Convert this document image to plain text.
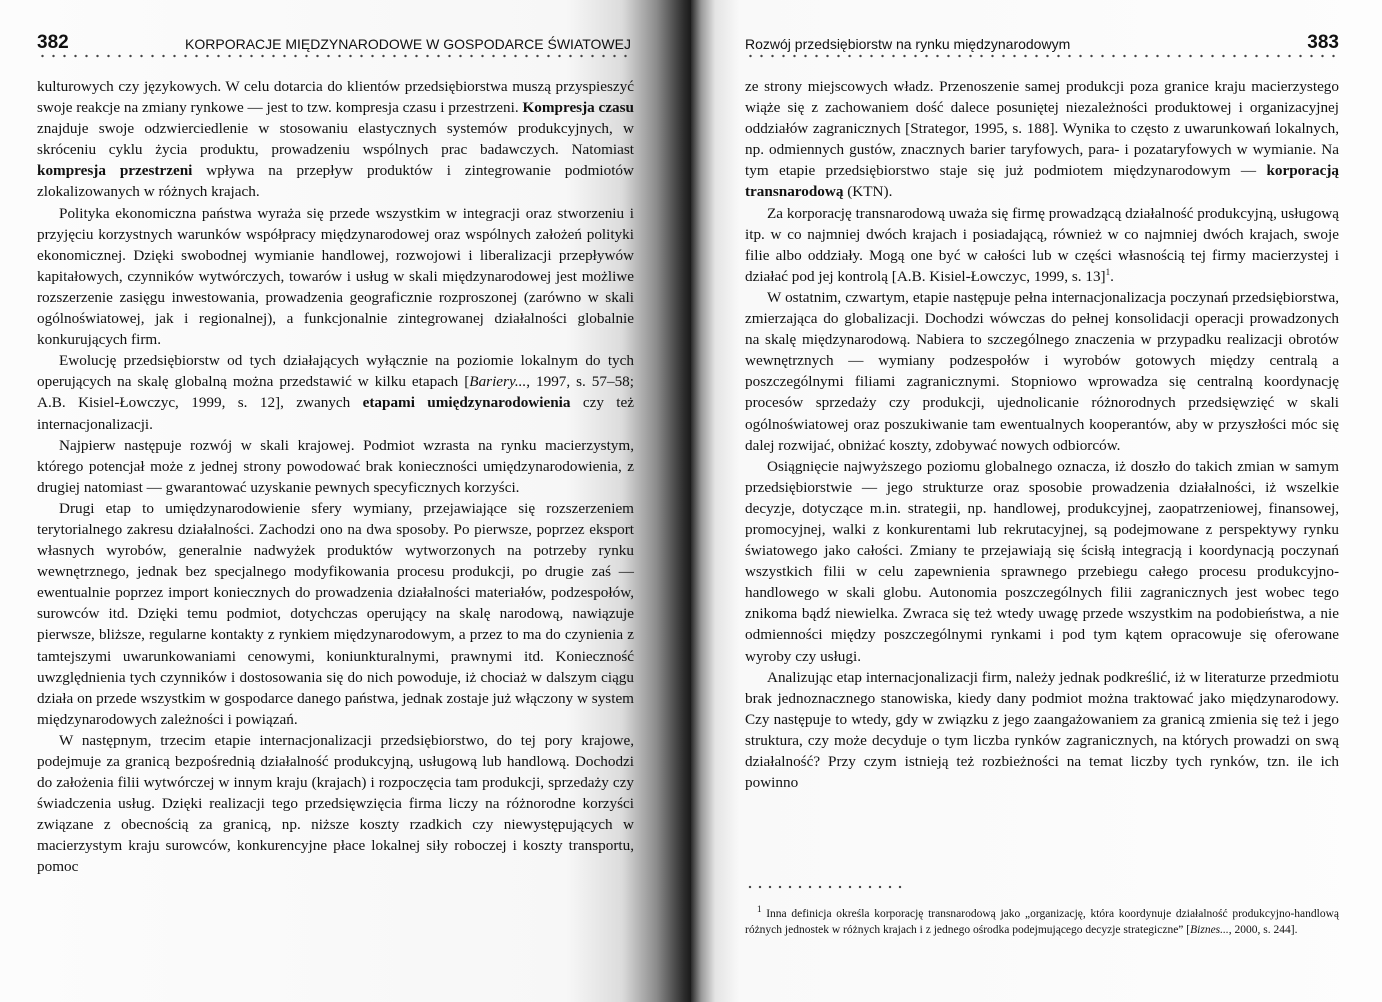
382	KORPORACJE MIĘDZYNARODOWE W GOSPODARCE ŚWIATOWEJ

kulturowych czy językowych. W celu dotarcia do klientów przedsiębiorstwa muszą przyspieszyć swoje reakcje na zmiany rynkowe — jest to tzw. kompresja czasu i przestrzeni. Kompresja czasu znajduje swoje odzwierciedlenie w stosowaniu elastycznych systemów produkcyjnych, w skróceniu cyklu życia produktu, prowadzeniu wspólnych prac badawczych. Natomiast kompresja przestrzeni wpływa na przepływ produktów i zintegrowanie podmiotów zlokalizowanych w różnych krajach.

Polityka ekonomiczna państwa wyraża się przede wszystkim w integracji oraz stworzeniu i przyjęciu korzystnych warunków współpracy międzynarodowej oraz wspólnych założeń polityki ekonomicznej. Dzięki swobodnej wymianie handlowej, rozwojowi i liberalizacji przepływów kapitałowych, czynników wytwórczych, towarów i usług w skali międzynarodowej jest możliwe rozszerzenie zasięgu inwestowania, prowadzenia geograficznie rozproszonej (zarówno w skali ogólnoświatowej, jak i regionalnej), a funkcjonalnie zintegrowanej działalności globalnie konkurujących firm.

Ewolucję przedsiębiorstw od tych działających wyłącznie na poziomie lokalnym do tych operujących na skalę globalną można przedstawić w kilku etapach [Bariery..., 1997, s. 57–58; A.B. Kisiel-Łowczyc, 1999, s. 12], zwanych etapami umiędzynarodowienia czy też internacjonalizacji.

Najpierw następuje rozwój w skali krajowej. Podmiot wzrasta na rynku macierzystym, którego potencjał może z jednej strony powodować brak konieczności umiędzynarodowienia, z drugiej natomiast — gwarantować uzyskanie pewnych specyficznych korzyści.

Drugi etap to umiędzynarodowienie sfery wymiany, przejawiające się rozszerzeniem terytorialnego zakresu działalności. Zachodzi ono na dwa sposoby. Po pierwsze, poprzez eksport własnych wyrobów, generalnie nadwyżek produktów wytworzonych na potrzeby rynku wewnętrznego, jednak bez specjalnego modyfikowania procesu produkcji, po drugie zaś — ewentualnie poprzez import koniecznych do prowadzenia działalności materiałów, podzespołów, surowców itd. Dzięki temu podmiot, dotychczas operujący na skalę narodową, nawiązuje pierwsze, bliższe, regularne kontakty z rynkiem międzynarodowym, a przez to ma do czynienia z tamtejszymi uwarunkowaniami cenowymi, koniunkturalnymi, prawnymi itd. Konieczność uwzględnienia tych czynników i dostosowania się do nich powoduje, iż chociaż w dalszym ciągu działa on przede wszystkim w gospodarce danego państwa, jednak zostaje już włączony w system międzynarodowych zależności i powiązań.

W następnym, trzecim etapie internacjonalizacji przedsiębiorstwo, do tej pory krajowe, podejmuje za granicą bezpośrednią działalność produkcyjną, usługową lub handlową. Dochodzi do założenia filii wytwórczej w innym kraju (krajach) i rozpoczęcia tam produkcji, sprzedaży czy świadczenia usług. Dzięki realizacji tego przedsięwzięcia firma liczy na różnorodne korzyści związane z obecnością za granicą, np. niższe koszty rzadkich czy niewystępujących w macierzystym kraju surowców, konkurencyjne płace lokalnej siły roboczej i koszty transportu, pomoc

Rozwój przedsiębiorstw na rynku międzynarodowym	383

ze strony miejscowych władz. Przenoszenie samej produkcji poza granice kraju macierzystego wiąże się z zachowaniem dość dalece posuniętej niezależności produktowej i organizacyjnej oddziałów zagranicznych [Strategor, 1995, s. 188]. Wynika to często z uwarunkowań lokalnych, np. odmiennych gustów, znacznych barier taryfowych, para- i pozataryfowych w wymianie. Na tym etapie przedsiębiorstwo staje się już podmiotem międzynarodowym — korporacją transnarodową (KTN).

Za korporację transnarodową uważa się firmę prowadzącą działalność produkcyjną, usługową itp. w co najmniej dwóch krajach i posiadającą, również w co najmniej dwóch krajach, swoje filie albo oddziały. Mogą one być w całości lub w części własnością tej firmy macierzystej i działać pod jej kontrolą [A.B. Kisiel-Łowczyc, 1999, s. 13]$^1$.

W ostatnim, czwartym, etapie następuje pełna internacjonalizacja poczynań przedsiębiorstwa, zmierzająca do globalizacji. Dochodzi wówczas do pełnej konsolidacji operacji prowadzonych na skalę międzynarodową. Nabiera to szczególnego znaczenia w przypadku realizacji obrotów wewnętrznych — wymiany podzespołów i wyrobów gotowych między centralą a poszczególnymi filiami zagranicznymi. Stopniowo wprowadza się centralną koordynację procesów sprzedaży czy produkcji, ujednolicanie różnorodnych przedsięwzięć w skali ogólnoświatowej oraz poszukiwanie tam ewentualnych kooperantów, aby w przyszłości móc się dalej rozwijać, obniżać koszty, zdobywać nowych odbiorców.

Osiągnięcie najwyższego poziomu globalnego oznacza, iż doszło do takich zmian w samym przedsiębiorstwie — jego strukturze oraz sposobie prowadzenia działalności, iż wszelkie decyzje, dotyczące m.in. strategii, np. handlowej, produkcyjnej, zaopatrzeniowej, finansowej, promocyjnej, walki z konkurentami lub rekrutacyjnej, są podejmowane z perspektywy rynku światowego jako całości. Zmiany te przejawiają się ścisłą integracją i koordynacją poczynań wszystkich filii w celu zapewnienia sprawnego przebiegu całego procesu produkcyjno-handlowego w skali globu. Autonomia poszczególnych filii zagranicznych jest wobec tego znikoma bądź niewielka. Zwraca się też wtedy uwagę przede wszystkim na podobieństwa, a nie odmienności między poszczególnymi rynkami i pod tym kątem opracowuje się oferowane wyroby czy usługi.

Analizując etap internacjonalizacji firm, należy jednak podkreślić, iż w literaturze przedmiotu brak jednoznacznego stanowiska, kiedy dany podmiot można traktować jako międzynarodowy. Czy następuje to wtedy, gdy w związku z jego zaangażowaniem za granicą zmienia się też i jego struktura, czy może decyduje o tym liczba rynków zagranicznych, na których prowadzi on swą działalność? Przy czym istnieją też rozbieżności na temat liczby tych rynków, tzn. ile ich powinno

$^1$ Inna definicja określa korporację transnarodową jako „organizację, która koordynuje działalność produkcyjno-handlową różnych jednostek w różnych krajach i z jednego ośrodka podejmującego decyzje strategiczne” [Biznes..., 2000, s. 244].
